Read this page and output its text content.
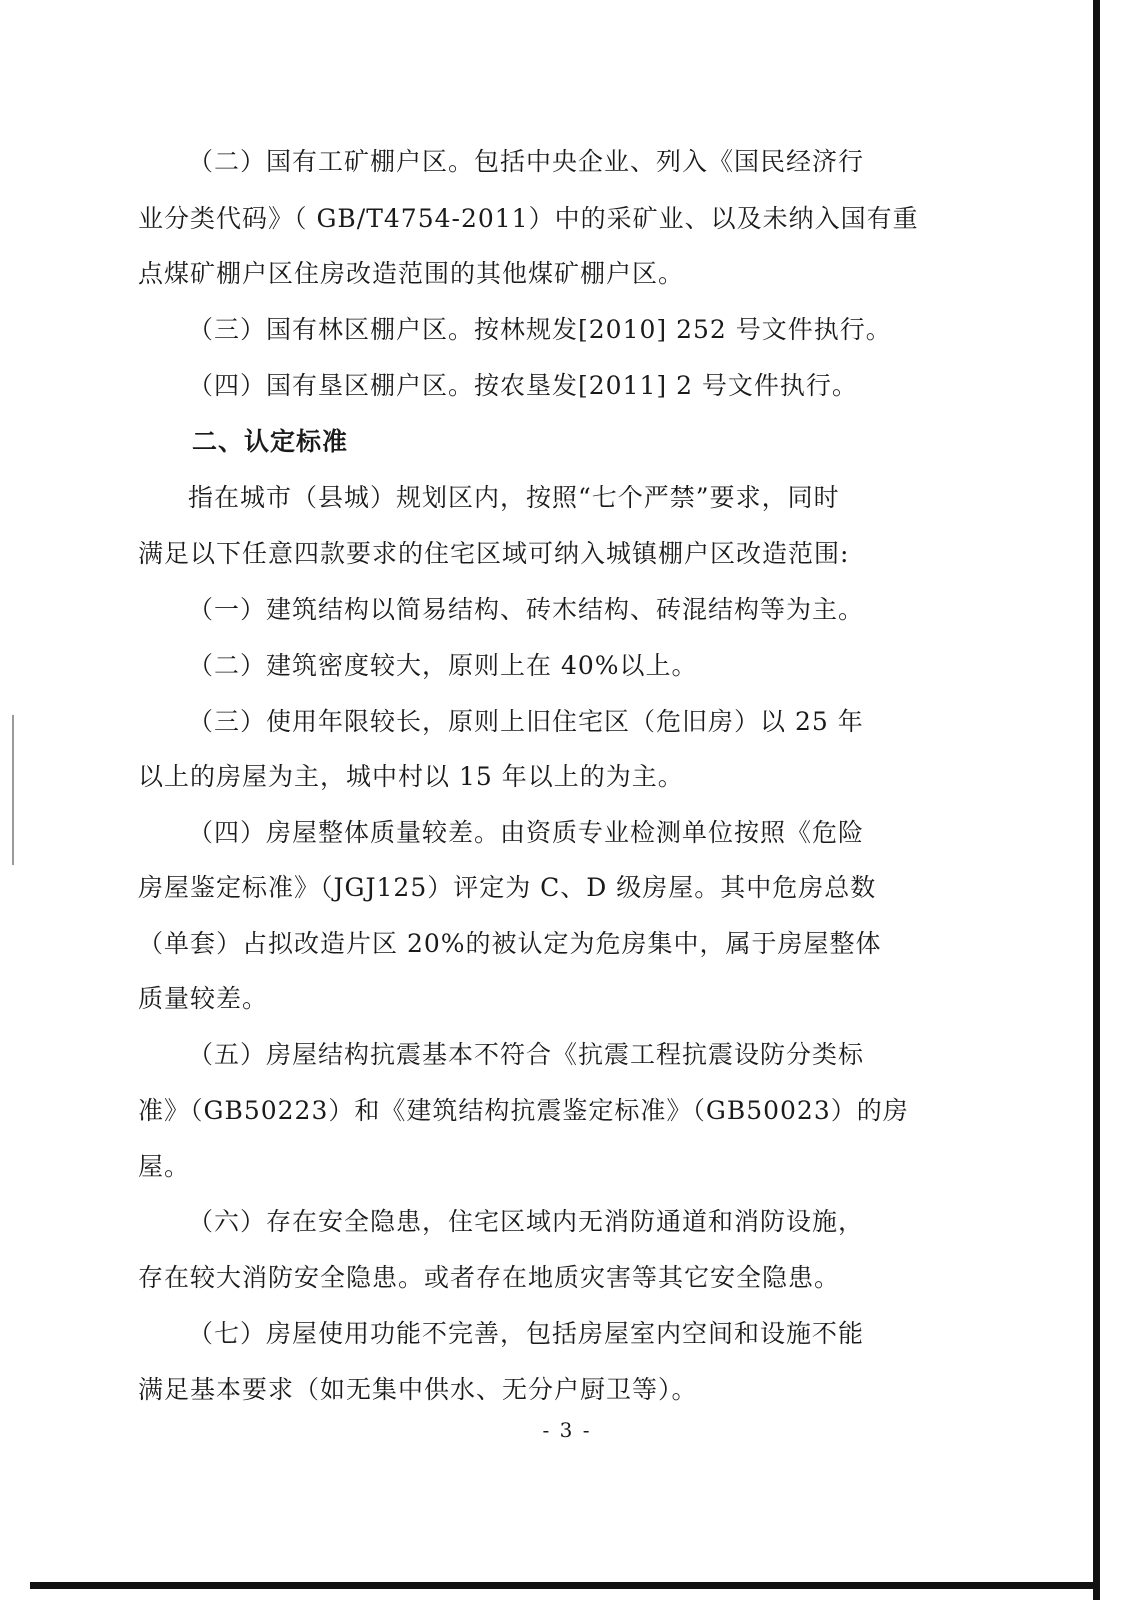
（二）国有工矿棚户区。包括中央企业、列入《国民经济行
业分类代码》（ GB/T4754-2011）中的采矿业、以及未纳入国有重
点煤矿棚户区住房改造范围的其他煤矿棚户区。
（三）国有林区棚户区。按林规发[2010] 252 号文件执行。
（四）国有垦区棚户区。按农垦发[2011] 2 号文件执行。
二、认定标准
指在城市（县城）规划区内，按照“七个严禁”要求，同时
满足以下任意四款要求的住宅区域可纳入城镇棚户区改造范围:
（一）建筑结构以简易结构、砖木结构、砖混结构等为主。
（二）建筑密度较大，原则上在 40%以上。
（三）使用年限较长，原则上旧住宅区（危旧房）以 25 年
以上的房屋为主，城中村以 15 年以上的为主。
（四）房屋整体质量较差。由资质专业检测单位按照《危险
房屋鉴定标准》（JGJ125）评定为 C、D 级房屋。其中危房总数
（单套）占拟改造片区 20%的被认定为危房集中，属于房屋整体
质量较差。
（五）房屋结构抗震基本不符合《抗震工程抗震设防分类标
准》（GB50223）和《建筑结构抗震鉴定标准》（GB50023）的房
屋。
（六）存在安全隐患，住宅区域内无消防通道和消防设施，
存在较大消防安全隐患。或者存在地质灾害等其它安全隐患。
（七）房屋使用功能不完善，包括房屋室内空间和设施不能
满足基本要求（如无集中供水、无分户厨卫等）。
- 3 -
